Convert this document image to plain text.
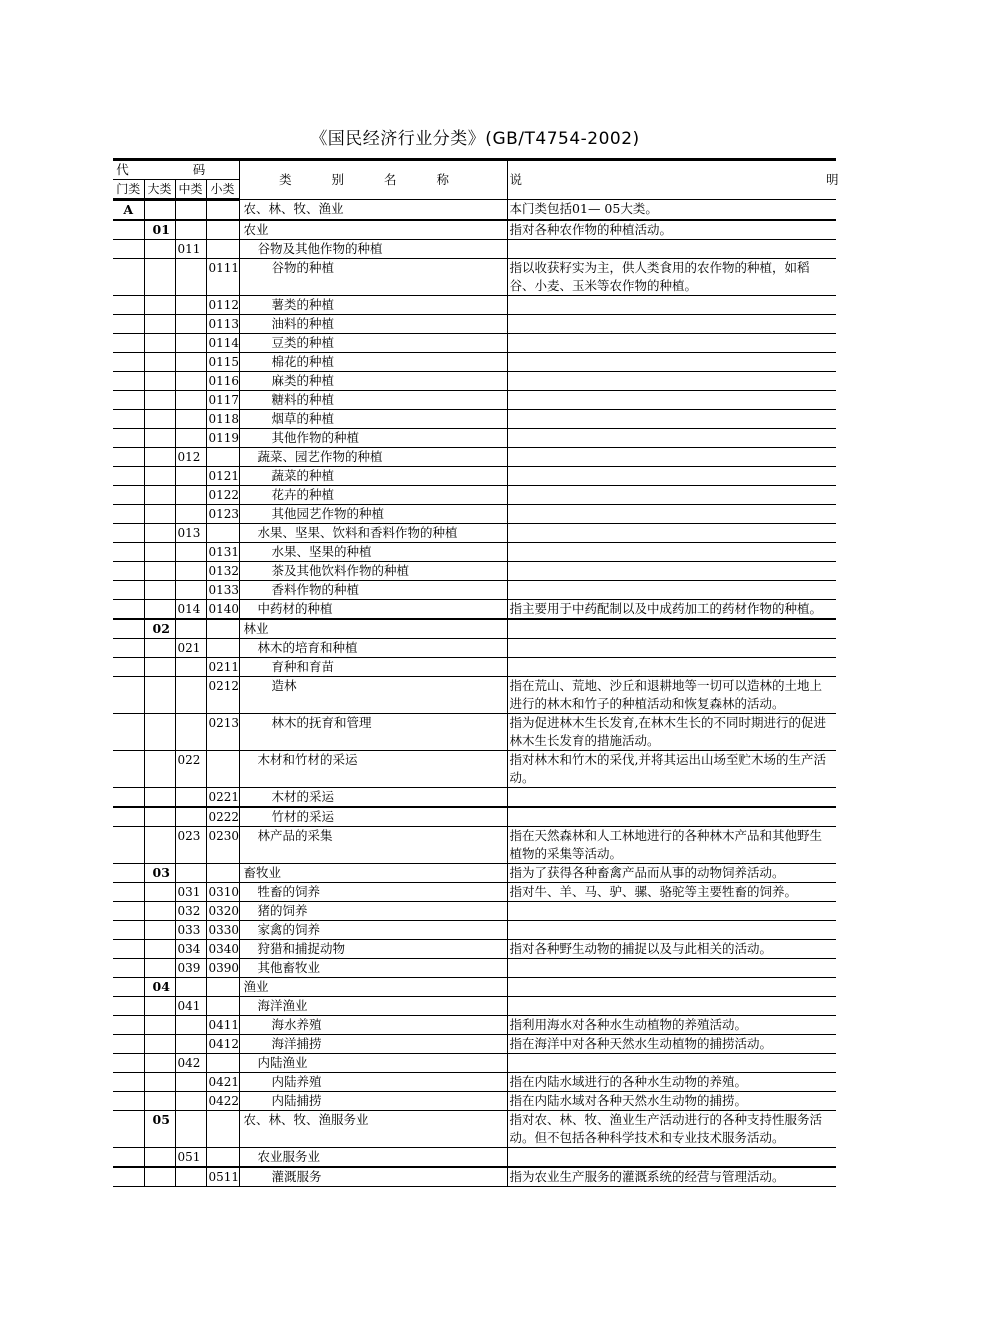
《国民经济行业分类》(GB/T4754-2002)
代 码				类 别 名 称	说 明
门类	大类	中类	小类		
A				农、林、牧、渔业	本门类包括01— 05大类。
	01			农业	指对各种农作物的种植活动。
		011		谷物及其他作物的种植	
			0111	谷物的种植	指以收获籽实为主，供人类食用的农作物的种植，如稻谷、小麦、玉米等农作物的种植。
			0112	薯类的种植	
			0113	油料的种植	
			0114	豆类的种植	
			0115	棉花的种植	
			0116	麻类的种植	
			0117	糖料的种植	
			0118	烟草的种植	
			0119	其他作物的种植	
		012		蔬菜、园艺作物的种植	
			0121	蔬菜的种植	
			0122	花卉的种植	
			0123	其他园艺作物的种植	
		013		水果、坚果、饮料和香料作物的种植	
			0131	水果、坚果的种植	
			0132	茶及其他饮料作物的种植	
			0133	香料作物的种植	
		014	0140	中药材的种植	指主要用于中药配制以及中成药加工的药材作物的种植。
	02			林业	
		021		林木的培育和种植	
			0211	育种和育苗	
			0212	造林	指在荒山、荒地、沙丘和退耕地等一切可以造林的土地上进行的林木和竹子的种植活动和恢复森林的活动。
			0213	林木的抚育和管理	指为促进林木生长发育,在林木生长的不同时期进行的促进林木生长发育的措施活动。
		022		木材和竹材的采运	指对林木和竹木的采伐,并将其运出山场至贮木场的生产活动。
			0221	木材的采运	
			0222	竹材的采运	
		023	0230	林产品的采集	指在天然森林和人工林地进行的各种林木产品和其他野生植物的采集等活动。
	03			畜牧业	指为了获得各种畜禽产品而从事的动物饲养活动。
		031	0310	牲畜的饲养	指对牛、羊、马、驴、骡、骆驼等主要牲畜的饲养。
		032	0320	猪的饲养	
		033	0330	家禽的饲养	
		034	0340	狩猎和捕捉动物	指对各种野生动物的捕捉以及与此相关的活动。
		039	0390	其他畜牧业	
	04			渔业	
		041		海洋渔业	
			0411	海水养殖	指利用海水对各种水生动植物的养殖活动。
			0412	海洋捕捞	指在海洋中对各种天然水生动植物的捕捞活动。
		042		内陆渔业	
			0421	内陆养殖	指在内陆水域进行的各种水生动物的养殖。
			0422	内陆捕捞	指在内陆水域对各种天然水生动物的捕捞。
	05			农、林、牧、渔服务业	指对农、林、牧、渔业生产活动进行的各种支持性服务活动。但不包括各种科学技术和专业技术服务活动。
		051		农业服务业	
			0511	灌溉服务	指为农业生产服务的灌溉系统的经营与管理活动。
